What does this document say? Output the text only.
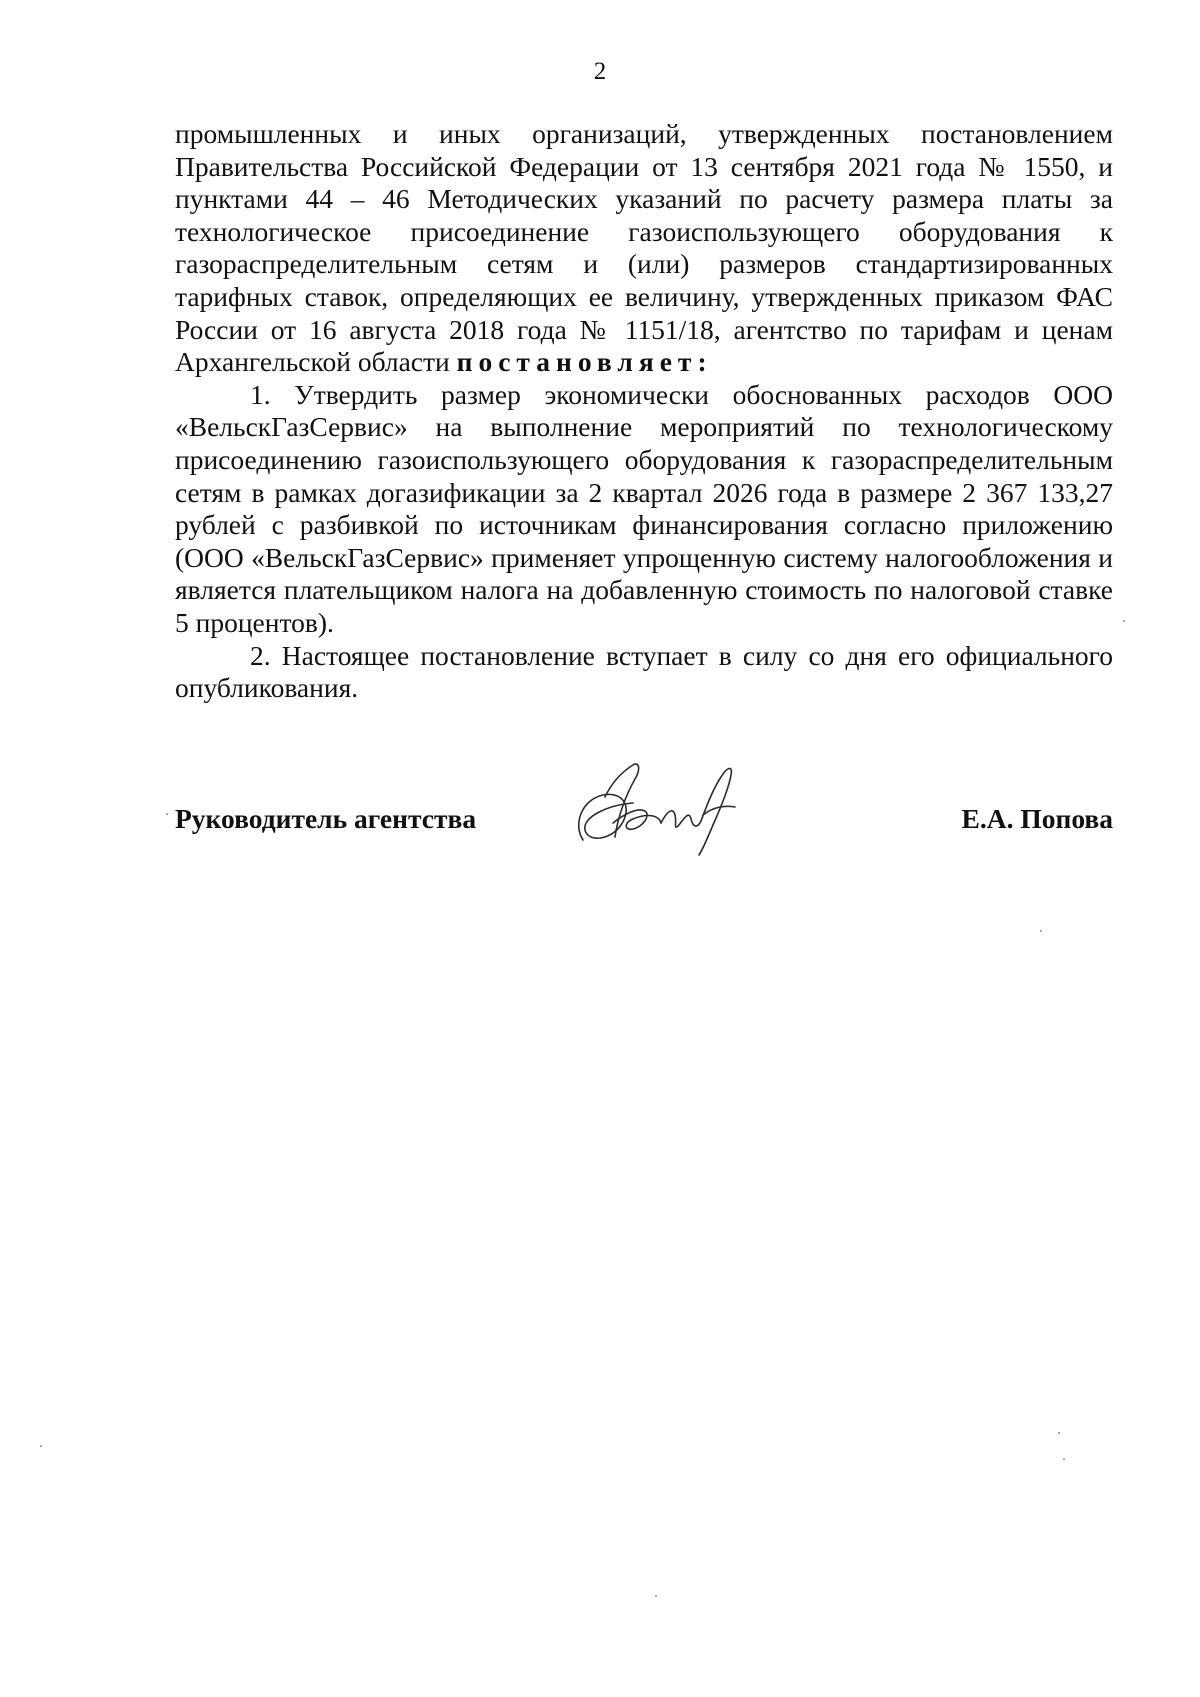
2

промышленных и иных организаций, утвержденных постановлением Правительства Российской Федерации от 13 сентября 2021 года № 1550, и пунктами 44 – 46 Методических указаний по расчету размера платы за технологическое присоединение газоиспользующего оборудования к газораспределительным сетям и (или) размеров стандартизированных тарифных ставок, определяющих ее величину, утвержденных приказом ФАС России от 16 августа 2018 года № 1151/18, агентство по тарифам и ценам Архангельской области постановляет:

1. Утвердить размер экономически обоснованных расходов ООО «ВельскГазСервис» на выполнение мероприятий по технологическому присоединению газоиспользующего оборудования к газораспределительным сетям в рамках догазификации за 2 квартал 2026 года в размере 2 367 133,27 рублей с разбивкой по источникам финансирования согласно приложению (ООО «ВельскГазСервис» применяет упрощенную систему налогообложения и является плательщиком налога на добавленную стоимость по налоговой ставке 5 процентов).

2. Настоящее постановление вступает в силу со дня его официального опубликования.

Руководитель агентства	Е.А. Попова
